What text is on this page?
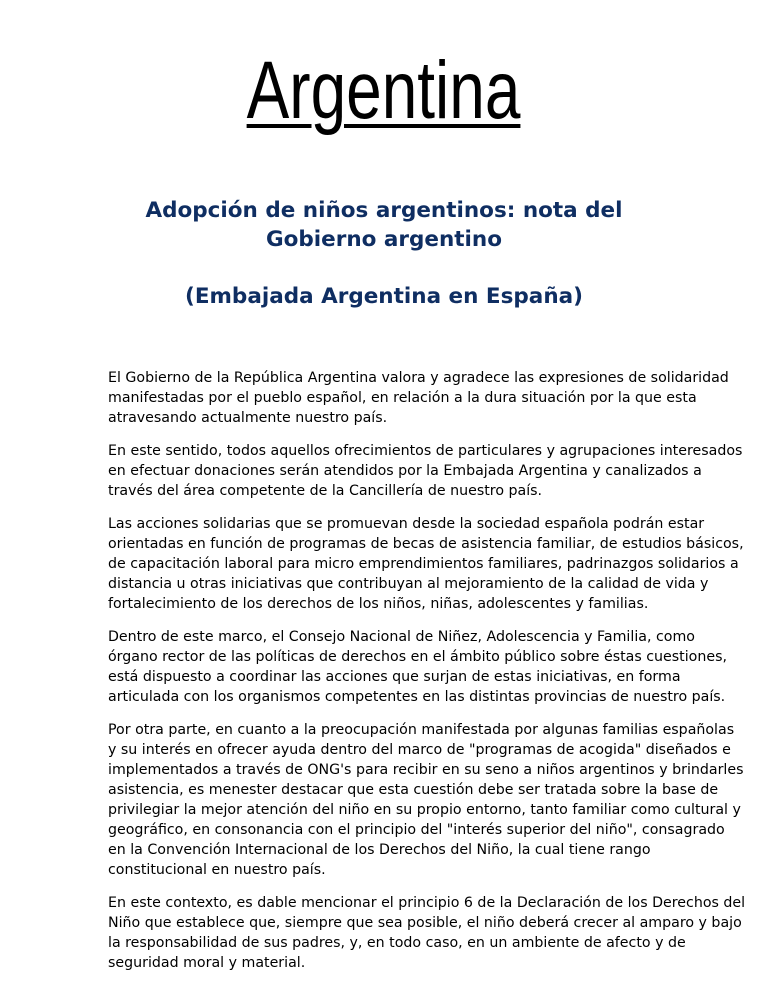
Argentina
Adopción de niños argentinos: nota del
Gobierno argentino
(Embajada Argentina en España)

El Gobierno de la República Argentina valora y agradece las expresiones de solidaridad
manifestadas por el pueblo español, en relación a la dura situación por la que esta
atravesando actualmente nuestro país.

En este sentido, todos aquellos ofrecimientos de particulares y agrupaciones interesados
en efectuar donaciones serán atendidos por la Embajada Argentina y canalizados a
través del área competente de la Cancillería de nuestro país.

Las acciones solidarias que se promuevan desde la sociedad española podrán estar
orientadas en función de programas de becas de asistencia familiar, de estudios básicos,
de capacitación laboral para micro emprendimientos familiares, padrinazgos solidarios a
distancia u otras iniciativas que contribuyan al mejoramiento de la calidad de vida y
fortalecimiento de los derechos de los niños, niñas, adolescentes y familias.

Dentro de este marco, el Consejo Nacional de Niñez, Adolescencia y Familia, como
órgano rector de las políticas de derechos en el ámbito público sobre éstas cuestiones,
está dispuesto a coordinar las acciones que surjan de estas iniciativas, en forma
articulada con los organismos competentes en las distintas provincias de nuestro país.

Por otra parte, en cuanto a la preocupación manifestada por algunas familias españolas
y su interés en ofrecer ayuda dentro del marco de "programas de acogida" diseñados e
implementados a través de ONG's para recibir en su seno a niños argentinos y brindarles
asistencia, es menester destacar que esta cuestión debe ser tratada sobre la base de
privilegiar la mejor atención del niño en su propio entorno, tanto familiar como cultural y
geográfico, en consonancia con el principio del "interés superior del niño", consagrado
en la Convención Internacional de los Derechos del Niño, la cual tiene rango
constitucional en nuestro país.

En este contexto, es dable mencionar el principio 6 de la Declaración de los Derechos del
Niño que establece que, siempre que sea posible, el niño deberá crecer al amparo y bajo
la responsabilidad de sus padres, y, en todo caso, en un ambiente de afecto y de
seguridad moral y material.
